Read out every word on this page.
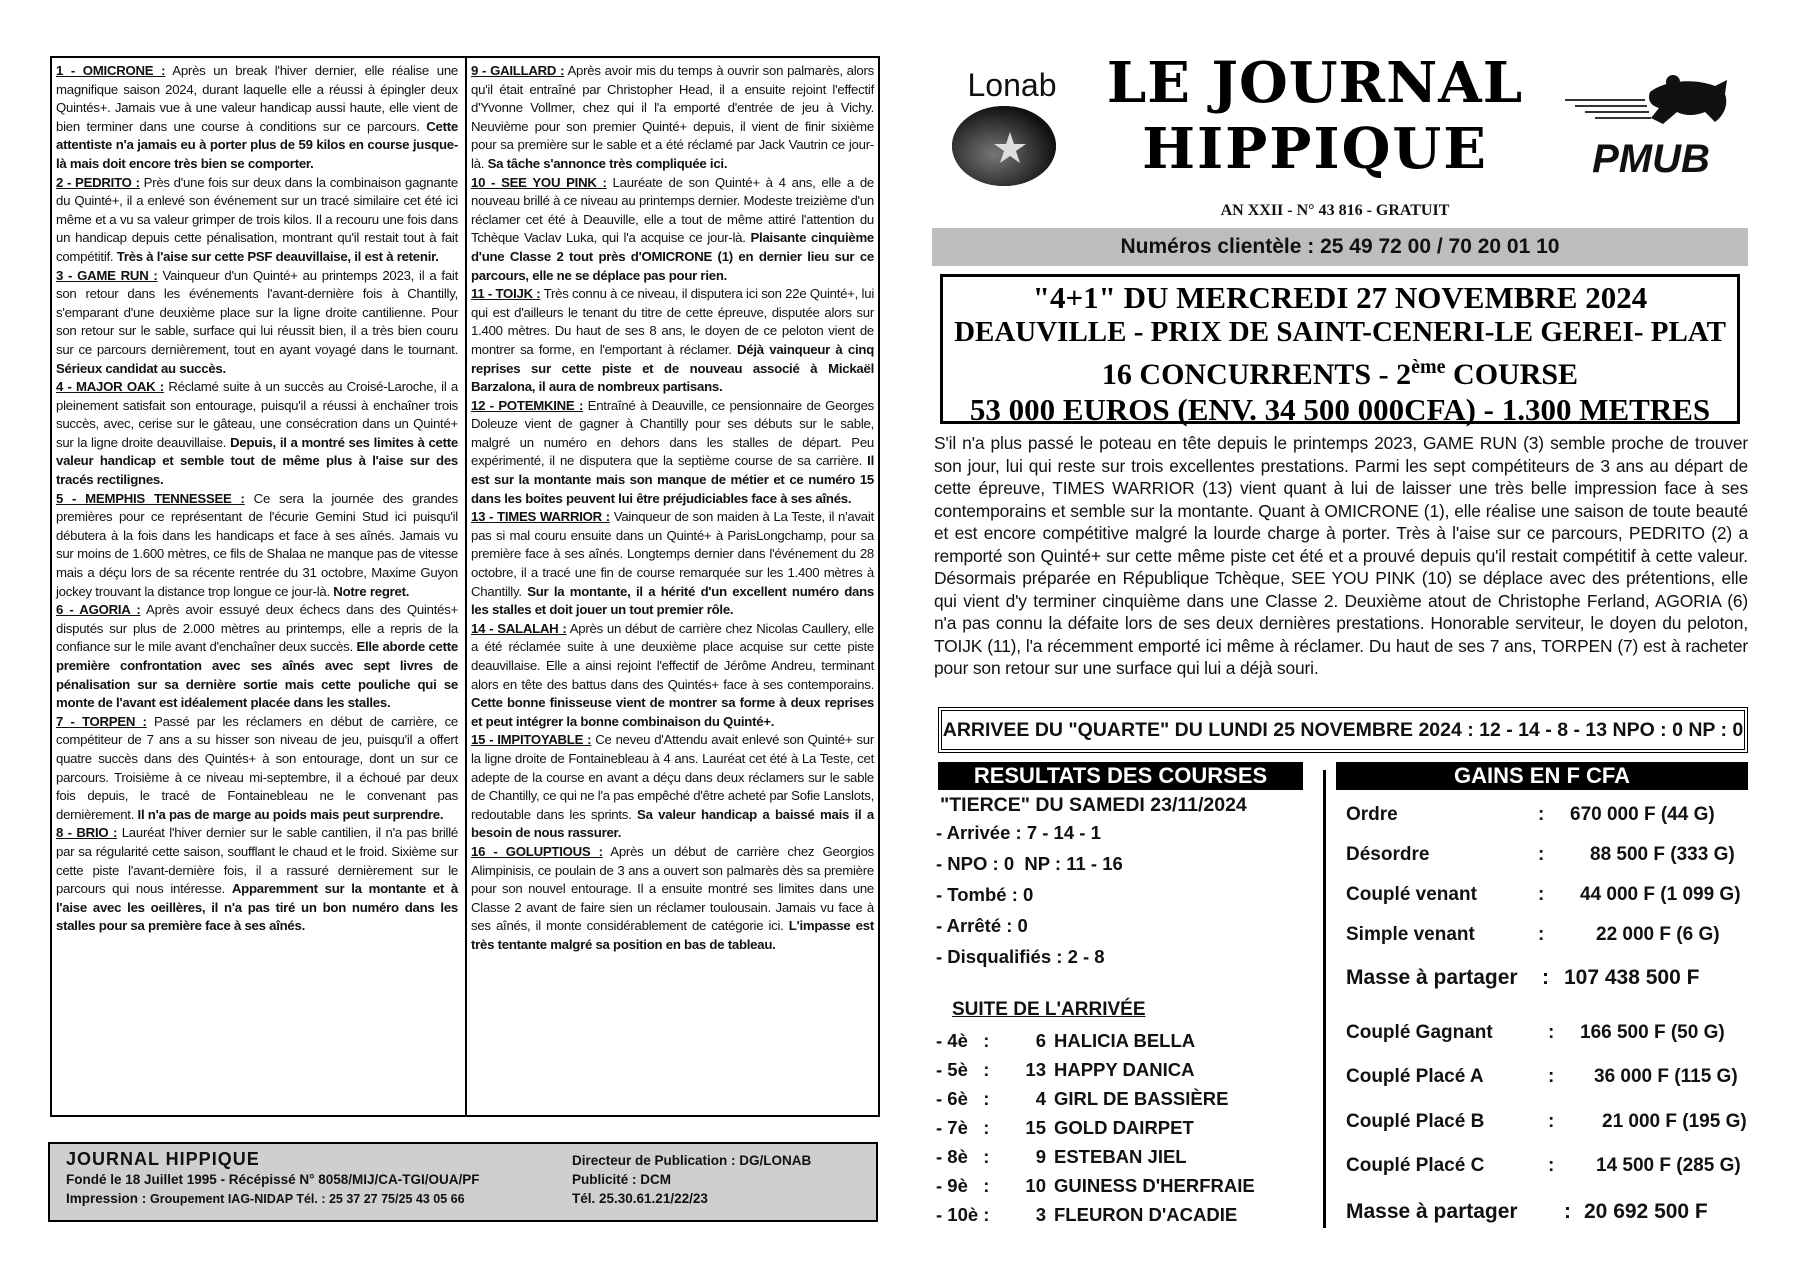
1 - OMICRONE : Après un break l'hiver dernier, elle réalise une magnifique saison 2024, durant laquelle elle a réussi à épingler deux Quintés+. Jamais vue à une valeur handicap aussi haute, elle vient de bien terminer dans une course à conditions sur ce parcours. Cette attentiste n'a jamais eu à porter plus de 59 kilos en course jusque-là mais doit encore très bien se comporter.

2 - PEDRITO : Près d'une fois sur deux dans la combinaison gagnante du Quinté+, il a enlevé son événement sur un tracé similaire cet été ici même et a vu sa valeur grimper de trois kilos. Il a recouru une fois dans un handicap depuis cette pénalisation, montrant qu'il restait tout à fait compétitif. Très à l'aise sur cette PSF deauvillaise, il est à retenir.

3 - GAME RUN : Vainqueur d'un Quinté+ au printemps 2023, il a fait son retour dans les événements l'avant-dernière fois à Chantilly, s'emparant d'une deuxième place sur la ligne droite cantilienne. Pour son retour sur le sable, surface qui lui réussit bien, il a très bien couru sur ce parcours dernièrement, tout en ayant voyagé dans le tournant. Sérieux candidat au succès.

4 - MAJOR OAK : Réclamé suite à un succès au Croisé-Laroche, il a pleinement satisfait son entourage, puisqu'il a réussi à enchaîner trois succès, avec, cerise sur le gâteau, une consécration dans un Quinté+ sur la ligne droite deauvillaise. Depuis, il a montré ses limites à cette valeur handicap et semble tout de même plus à l'aise sur des tracés rectilignes.

5 - MEMPHIS TENNESSEE : Ce sera la journée des grandes premières pour ce représentant de l'écurie Gemini Stud ici puisqu'il débutera à la fois dans les handicaps et face à ses aînés. Jamais vu sur moins de 1.600 mètres, ce fils de Shalaa ne manque pas de vitesse mais a déçu lors de sa récente rentrée du 31 octobre, Maxime Guyon jockey trouvant la distance trop longue ce jour-là. Notre regret.

6 - AGORIA : Après avoir essuyé deux échecs dans des Quintés+ disputés sur plus de 2.000 mètres au printemps, elle a repris de la confiance sur le mile avant d'enchaîner deux succès. Elle aborde cette première confrontation avec ses aînés avec sept livres de pénalisation sur sa dernière sortie mais cette pouliche qui se monte de l'avant est idéalement placée dans les stalles.

7 - TORPEN : Passé par les réclamers en début de carrière, ce compétiteur de 7 ans a su hisser son niveau de jeu, puisqu'il a offert quatre succès dans des Quintés+ à son entourage, dont un sur ce parcours. Troisième à ce niveau mi-septembre, il a échoué par deux fois depuis, le tracé de Fontainebleau ne le convenant pas dernièrement. Il n'a pas de marge au poids mais peut surprendre.

8 - BRIO : Lauréat l'hiver dernier sur le sable cantilien, il n'a pas brillé par sa régularité cette saison, soufflant le chaud et le froid. Sixième sur cette piste l'avant-dernière fois, il a rassuré dernièrement sur le parcours qui nous intéresse. Apparemment sur la montante et à l'aise avec les oeillères, il n'a pas tiré un bon numéro dans les stalles pour sa première face à ses aînés.

9 - GAILLARD : Après avoir mis du temps à ouvrir son palmarès, alors qu'il était entraîné par Christopher Head, il a ensuite rejoint l'effectif d'Yvonne Vollmer, chez qui il l'a emporté d'entrée de jeu à Vichy. Neuvième pour son premier Quinté+ depuis, il vient de finir sixième pour sa première sur le sable et a été réclamé par Jack Vautrin ce jour-là. Sa tâche s'annonce très compliquée ici.

10 - SEE YOU PINK : Lauréate de son Quinté+ à 4 ans, elle a de nouveau brillé à ce niveau au printemps dernier. Modeste treizième d'un réclamer cet été à Deauville, elle a tout de même attiré l'attention du Tchèque Vaclav Luka, qui l'a acquise ce jour-là. Plaisante cinquième d'une Classe 2 tout près d'OMICRONE (1) en dernier lieu sur ce parcours, elle ne se déplace pas pour rien.

11 - TOIJK : Très connu à ce niveau, il disputera ici son 22e Quinté+, lui qui est d'ailleurs le tenant du titre de cette épreuve, disputée alors sur 1.400 mètres. Du haut de ses 8 ans, le doyen de ce peloton vient de montrer sa forme, en l'emportant à réclamer. Déjà vainqueur à cinq reprises sur cette piste et de nouveau associé à Mickaël Barzalona, il aura de nombreux partisans.

12 - POTEMKINE : Entraîné à Deauville, ce pensionnaire de Georges Doleuze vient de gagner à Chantilly pour ses débuts sur le sable, malgré un numéro en dehors dans les stalles de départ. Peu expérimenté, il ne disputera que la septième course de sa carrière. Il est sur la montante mais son manque de métier et ce numéro 15 dans les boites peuvent lui être préjudiciables face à ses aînés.

13 - TIMES WARRIOR : Vainqueur de son maiden à La Teste, il n'avait pas si mal couru ensuite dans un Quinté+ à ParisLongchamp, pour sa première face à ses aînés. Longtemps dernier dans l'événement du 28 octobre, il a tracé une fin de course remarquée sur les 1.400 mètres à Chantilly. Sur la montante, il a hérité d'un excellent numéro dans les stalles et doit jouer un tout premier rôle.

14 - SALALAH : Après un début de carrière chez Nicolas Caullery, elle a été réclamée suite à une deuxième place acquise sur cette piste deauvillaise. Elle a ainsi rejoint l'effectif de Jérôme Andreu, terminant alors en tête des battus dans des Quintés+ face à ses contemporains. Cette bonne finisseuse vient de montrer sa forme à deux reprises et peut intégrer la bonne combinaison du Quinté+.

15 - IMPITOYABLE : Ce neveu d'Attendu avait enlevé son Quinté+ sur la ligne droite de Fontainebleau à 4 ans. Lauréat cet été à La Teste, cet adepte de la course en avant a déçu dans deux réclamers sur le sable de Chantilly, ce qui ne l'a pas empêché d'être acheté par Sofie Lanslots, redoutable dans les sprints. Sa valeur handicap a baissé mais il a besoin de nous rassurer.

16 - GOLUPTIOUS : Après un début de carrière chez Georgios Alimpinisis, ce poulain de 3 ans a ouvert son palmarès dès sa première pour son nouvel entourage. Il a ensuite montré ses limites dans une Classe 2 avant de faire sien un réclamer toulousain. Jamais vu face à ses aînés, il monte considérablement de catégorie ici. L'impasse est très tentante malgré sa position en bas de tableau.

JOURNAL HIPPIQUE
Fondé le 18 Juillet 1995 - Récépissé N° 8058/MIJ/CA-TGI/OUA/PF
Impression : Groupement IAG-NIDAP Tél. : 25 37 27 75/25 43 05 66
Directeur de Publication : DG/LONAB
Publicité : DCM
Tél. 25.30.61.21/22/23
Lonab LE JOURNAL
HIPPIQUE	PMUB
AN XXII - N° 43 816 - GRATUIT
Numéros clientèle : 25 49 72 00 / 70 20 01 10
"4+1" DU MERCREDI 27 NOVEMBRE 2024
DEAUVILLE - PRIX DE SAINT-CENERI-LE GEREI- PLAT
16 CONCURRENTS - 2ème COURSE
53 000 EUROS (ENV. 34 500 000CFA) - 1.300 METRES
S'il n'a plus passé le poteau en tête depuis le printemps 2023, GAME RUN (3) semble proche de trouver son jour, lui qui reste sur trois excellentes prestations. Parmi les sept compétiteurs de 3 ans au départ de cette épreuve, TIMES WARRIOR (13) vient quant à lui de laisser une très belle impression face à ses contemporains et semble sur la montante. Quant à OMICRONE (1), elle réalise une saison de toute beauté et est encore compétitive malgré la lourde charge à porter. Très à l'aise sur ce parcours, PEDRITO (2) a remporté son Quinté+ sur cette même piste cet été et a prouvé depuis qu'il restait compétitif à cette valeur. Désormais préparée en République Tchèque, SEE YOU PINK (10) se déplace avec des prétentions, elle qui vient d'y terminer cinquième dans une Classe 2. Deuxième atout de Christophe Ferland, AGORIA (6) n'a pas connu la défaite lors de ses deux dernières prestations. Honorable serviteur, le doyen du peloton, TOIJK (11), l'a récemment emporté ici même à réclamer. Du haut de ses 7 ans, TORPEN (7) est à racheter pour son retour sur une surface qui lui a déjà souri.
ARRIVEE DU "QUARTE" DU LUNDI 25 NOVEMBRE 2024 : 12 - 14 - 8 - 13 NPO : 0 NP : 0
RESULTATS DES COURSES	GAINS EN F CFA
"TIERCE" DU SAMEDI 23/11/2024
- Arrivée : 7 - 14 - 1
- NPO : 0  NP : 11 - 16
- Tombé : 0
- Arrêté : 0
- Disqualifiés : 2 - 8
SUITE DE L'ARRIVÉE
- 4è   :	6 HALICIA BELLA
- 5è   :	13 HAPPY DANICA
- 6è   :	4 GIRL DE BASSIÈRE
- 7è   :	15 GOLD DAIRPET
- 8è   :	9 ESTEBAN JIEL
- 9è   :	10 GUINESS D'HERFRAIE
- 10è :	3 FLEURON D'ACADIE
Ordre	: 670 000 F (44 G)
Désordre	: 88 500 F (333 G)
Couplé venant	: 44 000 F (1 099 G)
Simple venant	:	22 000 F (6 G)
Masse à partager : 107 438 500 F
Couplé Gagnant	: 166 500 F (50 G)
Couplé Placé A	: 36 000 F (115 G)
Couplé Placé B	:	21 000 F (195 G)
Couplé Placé C	: 14 500 F (285 G)
Masse à partager : 20 692 500 F
